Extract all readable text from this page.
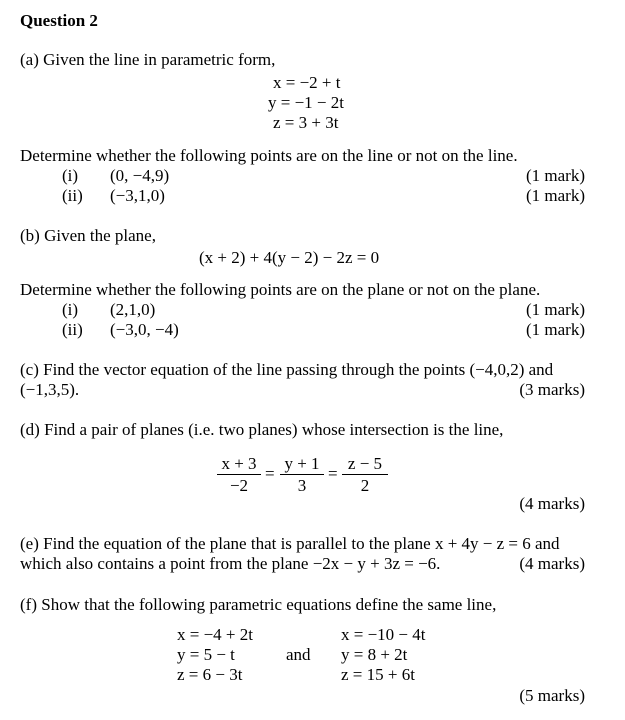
Question 2
(a) Given the line in parametric form,
x = −2 + t
y = −1 − 2t
z = 3 + 3t
Determine whether the following points are on the line or not on the line.
(i) (0, −4,9)	(1 mark)
(ii) (−3,1,0)	(1 mark)
(b) Given the plane,
(x + 2) + 4(y − 2) − 2z = 0
Determine whether the following points are on the plane or not on the plane.
(i) (2,1,0)	(1 mark)
(ii) (−3,0, −4)	(1 mark)
(c) Find the vector equation of the line passing through the points (−4,0,2) and
(−1,3,5).	(3 marks)
(d) Find a pair of planes (i.e. two planes) whose intersection is the line,
x + 3
−2
=
y + 1
3
=
z − 5
2
(4 marks)
(e) Find the equation of the plane that is parallel to the plane x + 4y − z = 6 and
which also contains a point from the plane −2x − y + 3z = −6.	(4 marks)
(f) Show that the following parametric equations define the same line,
x = −4 + 2t
y = 5 − t
z = 6 − 3t
and
x = −10 − 4t
y = 8 + 2t
z = 15 + 6t
(5 marks)
